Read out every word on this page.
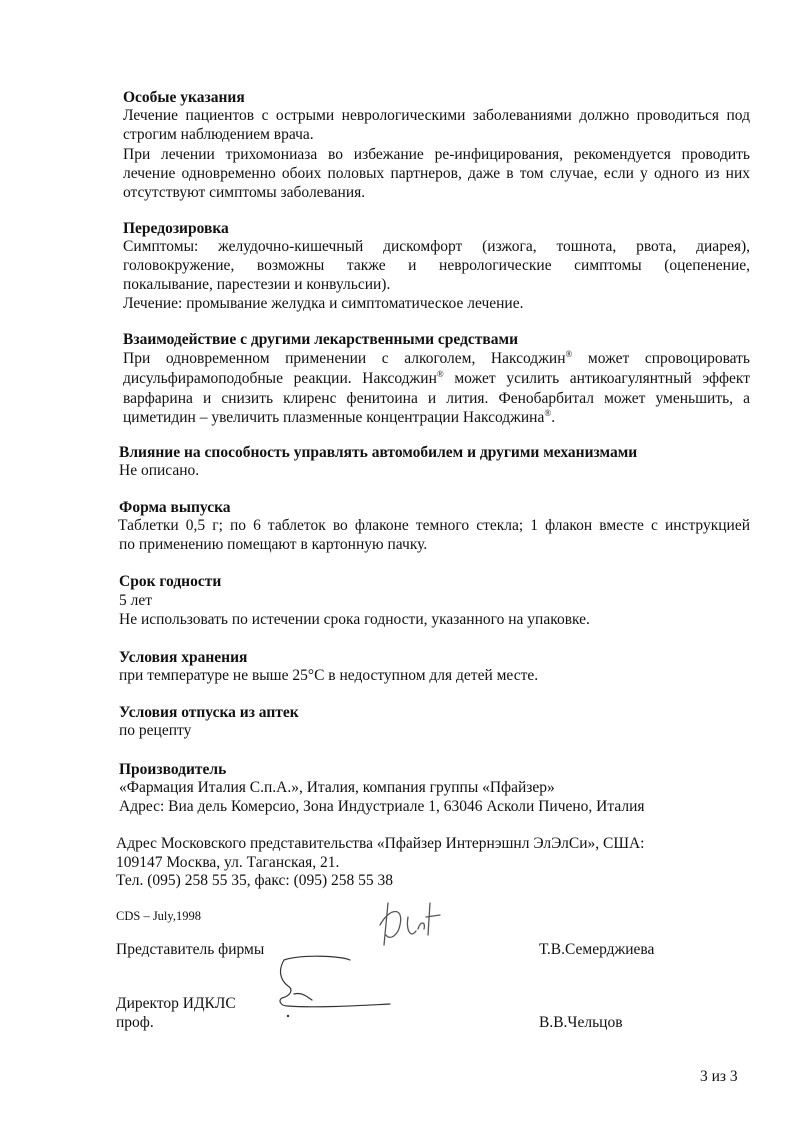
Особые указания
Лечение пациентов с острыми неврологическими заболеваниями должно проводиться под
строгим наблюдением врача.
При лечении трихомониаза во избежание ре-инфицирования, рекомендуется проводить
лечение одновременно обоих половых партнеров, даже в том случае, если у одного из них
отсутствуют симптомы заболевания.
Передозировка
Симптомы: желудочно-кишечный дискомфорт (изжога, тошнота, рвота, диарея),
головокружение, возможны также и неврологические симптомы (оцепенение,
покалывание, парестезии и конвульсии).
Лечение: промывание желудка и симптоматическое лечение.
Взаимодействие с другими лекарственными средствами
При одновременном применении с алкоголем, Наксоджин® может спровоцировать
дисульфирамоподобные реакции. Наксоджин® может усилить антикоагулянтный эффект
варфарина и снизить клиренс фенитоина и лития. Фенобарбитал может уменьшить, а
циметидин – увеличить плазменные концентрации Наксоджина®.
Влияние на способность управлять автомобилем и другими механизмами
Не описано.
Форма выпуска
Таблетки 0,5 г; по 6 таблеток во флаконе темного стекла; 1 флакон вместе с инструкцией
по применению помещают в картонную пачку.
Срок годности
5 лет
Не использовать по истечении срока годности, указанного на упаковке.
Условия хранения
при температуре не выше 25°С в недоступном для детей месте.
Условия отпуска из аптек
по рецепту
Производитель
«Фармация Италия С.п.А.», Италия, компания группы «Пфайзер»
Адрес: Виа дель Комерсио, Зона Индустриале 1, 63046 Асколи Пичено, Италия
Адрес Московского представительства «Пфайзер Интернэшнл ЭлЭлСи», США:
109147 Москва, ул. Таганская, 21.
Тел. (095) 258 55 35, факс: (095) 258 55 38
CDS – July,1998
Представитель фирмы	Т.В.Семерджиева
Директор ИДКЛС
проф.	В.В.Чельцов
3 из 3
